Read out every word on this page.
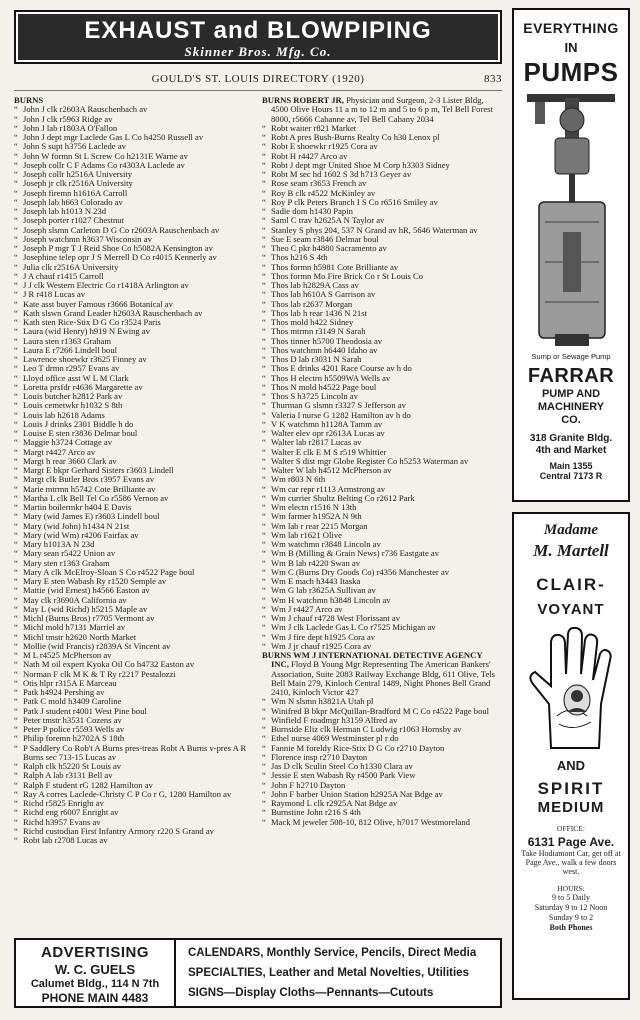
EXHAUST and BLOWPIPING
Skinner Bros. Mfg. Co.
GOULD'S ST. LOUIS DIRECTORY (1920)	833
BURNS
“ John J clk r2603A Rauschenbach av
“ John J clk r5963 Ridge av
“ John J lab r1803A O'Fallon
“ John J dept mgr Laclede Gas L Co h4250 Russell av
“ John S supt h3756 Laclede av
“ John W formn St L Screw Co h2131E Warne av
“ Joseph collr C F Adams Co r4303A Laclede av
“ Joseph collr h2516A University
“ Joseph jr clk r2516A University
“ Joseph firemn h1616A Carroll
“ Joseph lab h663 Colorado av
“ Joseph lab h1013 N 23d
“ Joseph porter r1027 Chestnut
“ Joseph slsmn Carleton D G Co r2603A Rauschenbach av
“ Joseph watchmn h3637 Wisconsin av
“ Joseph P mgr T J Reid Shoe Co h5082A Kensington av
“ Josephine telep opr J S Merrell D Co r4015 Kennerly av
“ Julia clk r2516A University
“ J A chauf r1415 Carroll
“ J J clk Western Electric Co r1418A Arlington av
“ J R r418 Lucas av
“ Kate asst buyer Famous r3666 Botanical av
“ Kath slswn Grand Leader h2603A Rauschenbach av
“ Kath sten Rice-Stix D G Co r3524 Paris
“ Laura (wid Henry) h919 N Ewing av
“ Laura sten r1363 Graham
“ Laura E r7266 Lindell boul
“ Lawrence shoewkr r3625 Finney av
“ Leo T drmn r2957 Evans av
“ Lloyd office asst W L M Clark
“ Loretta prsfdr r4636 Margarette av
“ Louis butcher h2812 Park av
“ Louis cemetwkr h1032 S 8th
“ Louis lab h2618 Adams
“ Louis J drinks 2301 Biddle h do
“ Louise E sten r3836 Delmar boul
“ Maggie h3724 Cottage av
“ Margt r4427 Arco av
“ Margt h rear 3660 Clark av
“ Margt E bkpr Gerhard Sisters r3603 Lindell
“ Margt clk Butler Bros r3957 Evans av
“ Marie mtrmn h5742 Cote Brilliante av
“ Martha L clk Bell Tel Co r5586 Vernon av
“ Martin boilermkr h404 E Davis
“ Mary (wid James E) r3603 Lindell boul
“ Mary (wid John) h1434 N 21st
“ Mary (wid Wm) r4206 Fairfax av
“ Mary h1013A N 23d
“ Mary sean r5422 Union av
“ Mary sten r1363 Graham
“ Mary A clk McElroy-Sloan S Co r4522 Page boul
“ Mary E sten Wabash Ry r1520 Semple av
“ Mattie (wid Ernest) h4566 Easton av
“ May clk r3690A California av
“ May L (wid Richd) h5215 Maple av
“ Michl (Burns Bros) r7705 Vermont av
“ Michl mold h7131 Marriel av
“ Michl tmstr h2620 North Market
“ Mollie (wid Francis) r2839A St Vincent av
“ M L r4525 McPherson av
“ Nath M oil expert Kyoka Oil Co h4732 Easton av
“ Norman F clk M K & T Ry r2217 Pestalozzi
“ Otis hlpr r315A E Marceau
“ Patk h4924 Pershing av
“ Patk C mold h3409 Caroline
“ Patk J student r4001 West Pine boul
“ Peter tmstr h3531 Cozens av
“ Peter P police r5593 Wells av
“ Philip foremn h2702A S 18th
“ P Saddlery Co Rob't A Burns pres-treas Robt A Burns v-pres A R Burns sec 713-15 Lucas av
“ Ralph clk h5220 St Louis av
“ Ralph A lab r3131 Bell av
“ Ralph F student rG 1282 Hamilton av
“ Ray A corres Laclede-Christy C P Co r G, 1280 Hamilton av
“ Richd r5825 Enright av
“ Richd eng r6007 Enright av
“ Richd h3957 Evans av
“ Richd custodian First Infantry Armory r220 S Grand av
“ Robt lab r2708 Lucas av
BURNS ROBERT JR, Physician and Surgeon, 2-3 Lister Bldg, 4500 Olive Hours 11 a m to 12 m and 5 to 6 p m, Tel Bell Forest 8000, r5666 Cabanne av, Tel Bell Cabany 2034
“ Robt waiter r821 Market
“ Robt A pres Bush-Burns Realty Co h30 Lenox pl
“ Robt E shoewkr r1925 Cora av
“ Robt H r4427 Arco av
“ Robt J dept mgr United Shoe M Corp h3303 Sidney
“ Robt M sec hd 1602 S 3d h713 Geyer av
“ Rose seam r3653 French av
“ Roy B clk r4522 McKinley av
“ Roy P clk Peters Branch I S Co r6516 Smiley av
“ Sadie dom h1430 Papin
“ Saml C trav h2625A N Taylor av
“ Stanley S phys 204, 537 N Grand av hR, 5646 Waterman av
“ Sue E seam r3846 Delmar boul
“ Theo C pkr h4880 Sacramento av
“ Thos h216 S 4th
“ Thos formn h5981 Cote Brilliante av
“ Thos formn Mo Fire Brick Co r St Louis Co
“ Thos lab h2829A Cass av
“ Thos lab h610A S Garrison av
“ Thos lab r2637 Morgan
“ Thos lab h rear 1436 N 21st
“ Thos mold h422 Sidney
“ Thos mtrmn r3149 N Sarah
“ Thos tinner h5700 Theodosia av
“ Thos watchmn h6440 Idaho av
“ Thos D lab r3031 N Sarah
“ Thos E drinks 4201 Race Course av h do
“ Thos H electrn h5509WA Wells av
“ Thos N mold h4522 Page boul
“ Thos S h3725 Lincoln av
“ Thurman G slsmn r3327 S Jefferson av
“ Valeria I nurse G 1282 Hamilton av h do
“ V K watchmn h1128A Tamm av
“ Walter elev opr r2613A Lucas av
“ Walter lab r2817 Lucas av
“ Walter E clk E M S r519 Whittier
“ Walter S dist mgr Globe Register Co h5253 Waterman av
“ Walter W lab h4512 McPherson av
“ Wm r803 N 6th
“ Wm car repr r1113 Armstrong av
“ Wm currier Shultz Belting Co r2612 Park
“ Wm electn r1516 N 13th
“ Wm farmer h1952A N 9th
“ Wm lab r rear 2215 Morgan
“ Wm lab r1621 Olive
“ Wm watchmn r3848 Lincoln av
“ Wm B (Milling & Grain News) r736 Eastgate av
“ Wm B lab r4220 Swan av
“ Wm C (Burns Dry Goods Co) r4356 Manchester av
“ Wm E mach h3443 Itaska
“ Wm G lab r3625A Sullivan av
“ Wm H watchmn h3848 Lincoln av
“ Wm J r4427 Arco av
“ Wm J chauf r4728 West Florissant av
“ Wm J clk Laclede Gas L Co r7525 Michigan av
“ Wm J fire dept h1925 Cora av
“ Wm J jr chauf r1925 Cora av
BURNS WM J INTERNATIONAL DETECTIVE AGENCY INC, Floyd B Young Mgr Representing The American Bankers' Association, Suite 2083 Railway Exchange Bldg, 611 Olive, Tels Bell Main 279, Kinloch Central 1489, Night Phones Bell Grand 2410, Kinloch Victor 427
“ Wm N slsmn h3821A Utah pl
“ Winifred B bkpr McQuillan-Bradford M C Co r4522 Page boul
“ Winfield F roadmgr h3159 Alfred av
“ Burnside Eliz clk Herman C Ludwig r1063 Hornsby av
“ Ethel nurse 4069 Westminster pl r do
“ Fannie M foreldy Rice-Stix D G Co r2710 Dayton
“ Florence insp r2710 Dayton
“ Jas D clk Sculin Steel Co h1330 Clara av
“ Jessie E sten Wabash Ry r4500 Park View
“ John F h2710 Dayton
“ John F barber Union Station h2925A Nat Bdge av
“ Raymond L clk r2925A Nat Bdge av
“ Burnstine John r216 S 4th
“ Mack M jeweler 508-10, 812 Olive, h7017 Westmoreland
EVERYTHING
IN
PUMPS
Sump or Sewage Pump
FARRAR
PUMP AND
MACHINERY
CO.
318 Granite Bldg.
4th and Market
Main 1355
Central 7173 R
Madame
M. Martell
CLAIR-
VOYANT
AND
SPIRIT
MEDIUM
OFFICE:
6131 Page Ave.
Take Hodiamont Car, get off at Page Ave., walk a few doors west.
HOURS:
9 to 5 Daily
Saturday 9 to 12 Noon
Sunday 9 to 2
Both Phones
ADVERTISING
W. C. GUELS
Calumet Bldg., 114 N 7th
PHONE MAIN 4483
CALENDARS, Monthly Service, Pencils, Direct Media
SPECIALTIES, Leather and Metal Novelties, Utilities
SIGNS—Display Cloths—Pennants—Cutouts
